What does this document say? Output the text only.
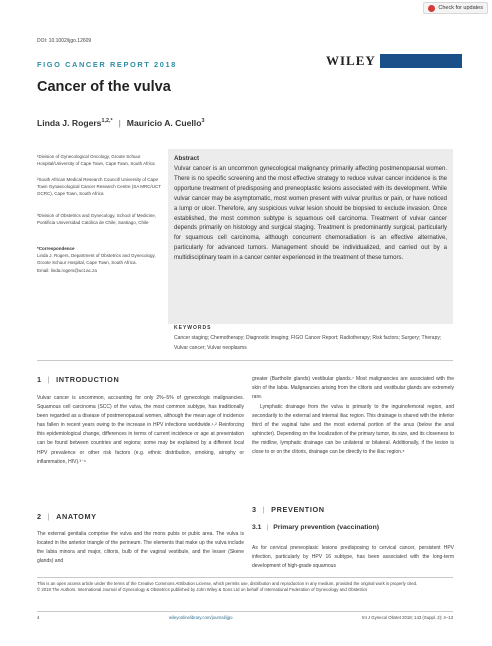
Check for updates
DOI: 10.1002/ijgo.12609
FIGO CANCER REPORT 2018	WILEY
Cancer of the vulva
Linda J. Rogers$^{1,2,*}$ | Mauricio A. Cuello$^3$
¹Division of Gynecological Oncology, Groote Schuur Hospital/University of Cape Town, Cape Town, South Africa
²South African Medical Research Council/ University of Cape Town Gynaecological Cancer Research Centre (SA MRC/UCT GCRC), Cape Town, South Africa
³Division of Obstetrics and Gynecology, School of Medicine, Pontificia Universidad Católica de Chile, Santiago, Chile
*Correspondence
Linda J. Rogers, Department of Obstetrics and Gynecology, Groote Schuur Hospital, Cape Town, South Africa.
Email: linda.rogers@uct.ac.za
Abstract

Vulvar cancer is an uncommon gynecological malignancy primarily affecting postmenopausal women. There is no specific screening and the most effective strategy to reduce vulvar cancer incidence is the opportune treatment of predisposing and preneoplastic lesions associated with its development. While vulvar cancer may be asymptomatic, most women present with vulvar pruritus or pain, or have noticed a lump or ulcer. Therefore, any suspicious vulvar lesion should be biopsied to exclude invasion. Once established, the most common subtype is squamous cell carcinoma. Treatment of vulvar cancer depends primarily on histology and surgical staging. Treatment is predominantly surgical, particularly for squamous cell carcinoma, although concurrent chemoradiation is an effective alternative, particularly for advanced tumors. Management should be individualized, and carried out by a multidisciplinary team in a cancer center experienced in the treatment of these tumors.

KEYWORDS
Cancer staging; Chemotherapy; Diagnostic imaging; FIGO Cancer Report; Radiotherapy; Risk factors; Surgery; Therapy; Vulvar cancer; Vulvar neoplasms
1 | INTRODUCTION

Vulvar cancer is uncommon, accounting for only 2%–5% of gynecologic malignancies. Squamous cell carcinoma (SCC) of the vulva, the most common subtype, has traditionally been regarded as a disease of postmenopausal women, although the mean age of incidence has fallen in recent years owing to the increase in HPV infections worldwide.¹˒² Reinforcing this epidemiological change, differences in terms of current incidence or age at presentation can be found between countries and regions; some may be explained by a different local HPV prevalence or other risk factors (e.g. ethnic distribution, smoking, atrophy or inflammation, HIV).³⁻⁶

2 | ANATOMY

The external genitalia comprise the vulva and the mons pubis or pubic area. The vulva is located in the anterior triangle of the perineum. The elements that make up the vulva include the labia minora and major, clitoris, bulb of the vaginal vestibule, and the lesser (Skene glands) and

greater (Bartholin glands) vestibular glands.⁷ Most malignancies are associated with the skin of the labia. Malignancies arising from the clitoris and vestibular glands are extremely rare.

Lymphatic drainage from the vulva is primarily to the inguinofemoral region, and secondarily to the external and internal iliac region. This drainage is shared with the inferior third of the vaginal tube and the most external portion of the anus (below the anal sphincter). Depending on the localization of the primary tumor, its size, and its closeness to the midline, lymphatic drainage can be unilateral or bilateral. Additionally, if the lesion is close to or on the clitoris, drainage can be directly to the iliac region.⁸

3 | PREVENTION
3.1 | Primary prevention (vaccination)

As for cervical preneoplasic lesions predisposing to cervical cancer, persistent HPV infection, particularly by HPV 16 subtype, has been associated with the long-term development of high-grade squamous

This is an open access article under the terms of the Creative Commons Attribution License, which permits use, distribution and reproduction in any medium, provided the original work is properly cited.
© 2018 The Authors. International Journal of Gynecology & Obstetrics published by John Wiley & Sons Ltd on behalf of International Federation of Gynecology and Obstetrics
4	wileyonlinelibrary.com/journal/ijgo	Int J Gynecol Obstet 2018; 143 (Suppl. 2): 4–13
